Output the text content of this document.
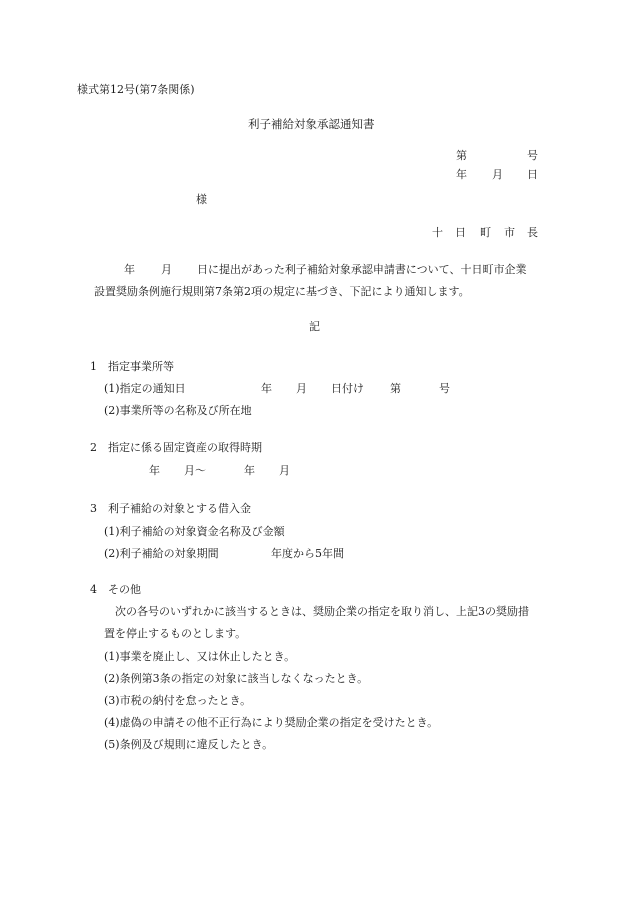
様式第12号(第7条関係)
利子補給対象承認通知書
第	号
年 月 日
様
十 日 町 市 長
年 月 日に提出があった利子補給対象承認申請書について、十日町市企業
設置奨励条例施行規則第7条第2項の規定に基づき、下記により通知します。
記
1　指定事業所等
(1)指定の通知日	年 月 日付け 第	号
(2)事業所等の名称及び所在地
2　指定に係る固定資産の取得時期
年 月〜	年 月
3　利子補給の対象とする借入金
(1)利子補給の対象資金名称及び金額
(2)利子補給の対象期間	年度から5年間
4　その他
次の各号のいずれかに該当するときは、奨励企業の指定を取り消し、上記3の奨励措
置を停止するものとします。
(1)事業を廃止し、又は休止したとき。
(2)条例第3条の指定の対象に該当しなくなったとき。
(3)市税の納付を怠ったとき。
(4)虚偽の申請その他不正行為により奨励企業の指定を受けたとき。
(5)条例及び規則に違反したとき。
